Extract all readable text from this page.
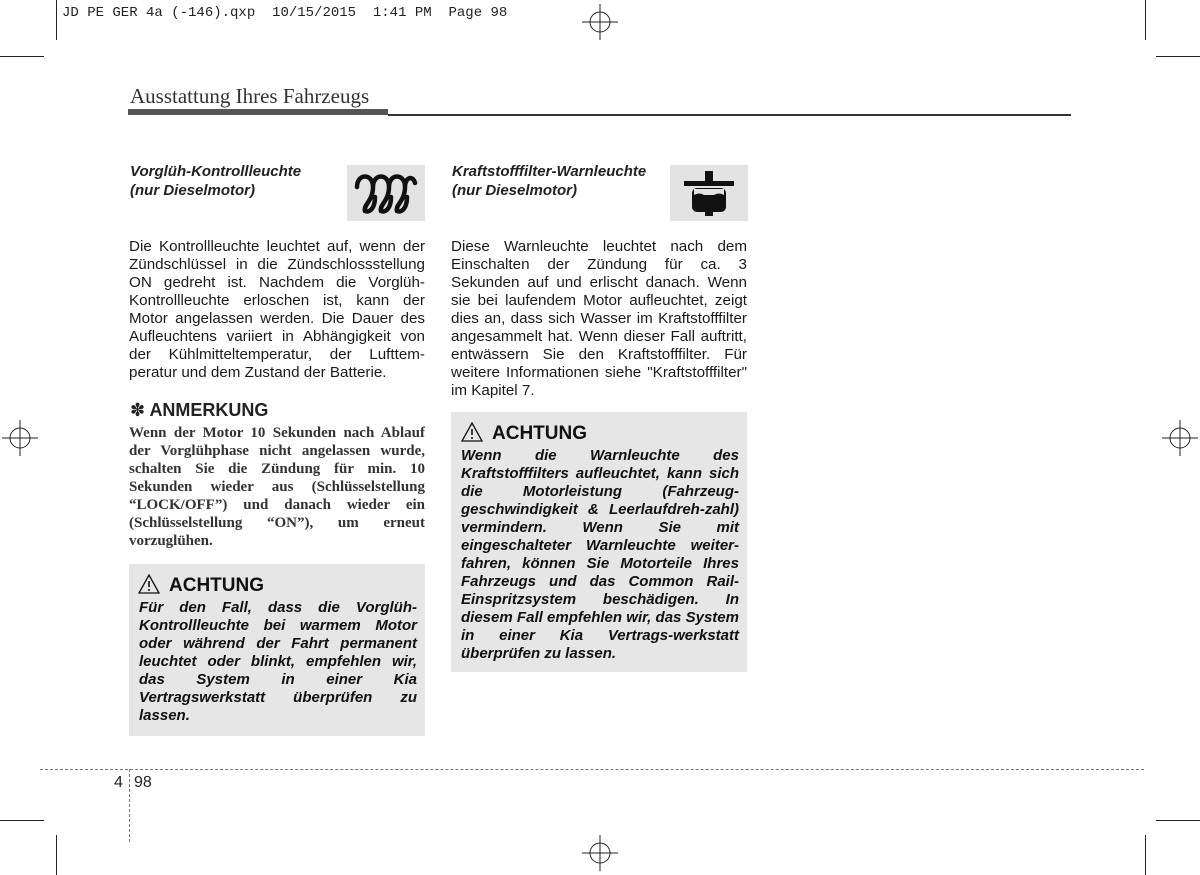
JD PE GER 4a (-146).qxp 10/15/2015 1:41 PM Page 98
Ausstattung Ihres Fahrzeugs
Vorglüh-Kontrollleuchte
(nur Dieselmotor)
Die Kontrollleuchte leuchtet auf, wenn der Zündschlüssel in die Zündschlossstellung ON gedreht ist. Nachdem die Vorglüh-Kontrollleuchte erloschen ist, kann der Motor angelassen werden. Die Dauer des Aufleuchtens variiert in Abhängigkeit von der Kühlmitteltemperatur, der Lufttem-peratur und dem Zustand der Batterie.
✽ ANMERKUNG
Wenn der Motor 10 Sekunden nach Ablauf der Vorglühphase nicht angelassen wurde, schalten Sie die Zündung für min. 10 Sekunden wieder aus (Schlüsselstellung “LOCK/OFF”) und danach wieder ein (Schlüsselstellung “ON”), um erneut vorzuglühen.
ACHTUNG
Für den Fall, dass die Vorglüh-Kontrollleuchte bei warmem Motor oder während der Fahrt permanent leuchtet oder blinkt, empfehlen wir, das System in einer Kia Vertragswerkstatt überprüfen zu lassen.
Kraftstofffilter-Warnleuchte
(nur Dieselmotor)
Diese Warnleuchte leuchtet nach dem Einschalten der Zündung für ca. 3 Sekunden auf und erlischt danach. Wenn sie bei laufendem Motor aufleuchtet, zeigt dies an, dass sich Wasser im Kraftstofffilter angesammelt hat. Wenn dieser Fall auftritt, entwässern Sie den Kraftstofffilter. Für weitere Informationen siehe "Kraftstofffilter" im Kapitel 7.
ACHTUNG
Wenn die Warnleuchte des Kraftstofffilters aufleuchtet, kann sich die Motorleistung (Fahrzeug-geschwindigkeit & Leerlaufdreh-zahl) vermindern. Wenn Sie mit eingeschalteter Warnleuchte weiter-fahren, können Sie Motorteile Ihres Fahrzeugs und das Common Rail-Einspritzsystem beschädigen. In diesem Fall empfehlen wir, das System in einer Kia Vertrags-werkstatt überprüfen zu lassen.
4 98
